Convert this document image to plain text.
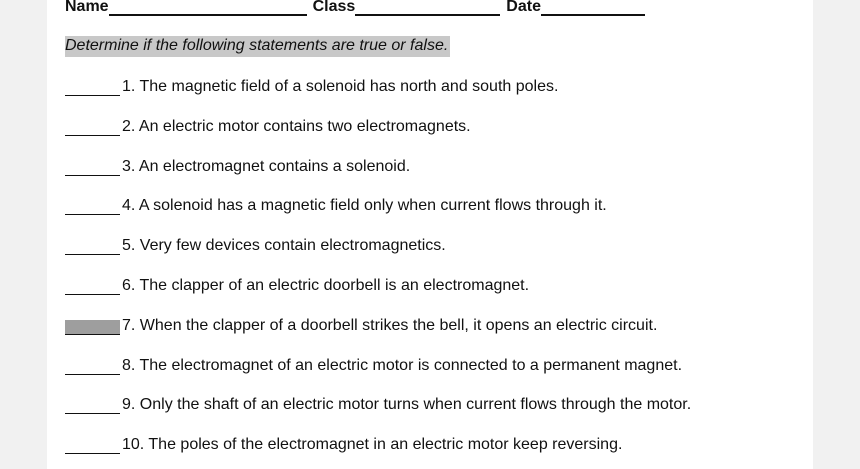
Name	Class	Date
Determine if the following statements are true or false.
1. The magnetic field of a solenoid has north and south poles.
2. An electric motor contains two electromagnets.
3. An electromagnet contains a solenoid.
4. A solenoid has a magnetic field only when current flows through it.
5. Very few devices contain electromagnetics.
6. The clapper of an electric doorbell is an electromagnet.
7. When the clapper of a doorbell strikes the bell, it opens an electric circuit.
8. The electromagnet of an electric motor is connected to a permanent magnet.
9. Only the shaft of an electric motor turns when current flows through the motor.
10. The poles of the electromagnet in an electric motor keep reversing.
